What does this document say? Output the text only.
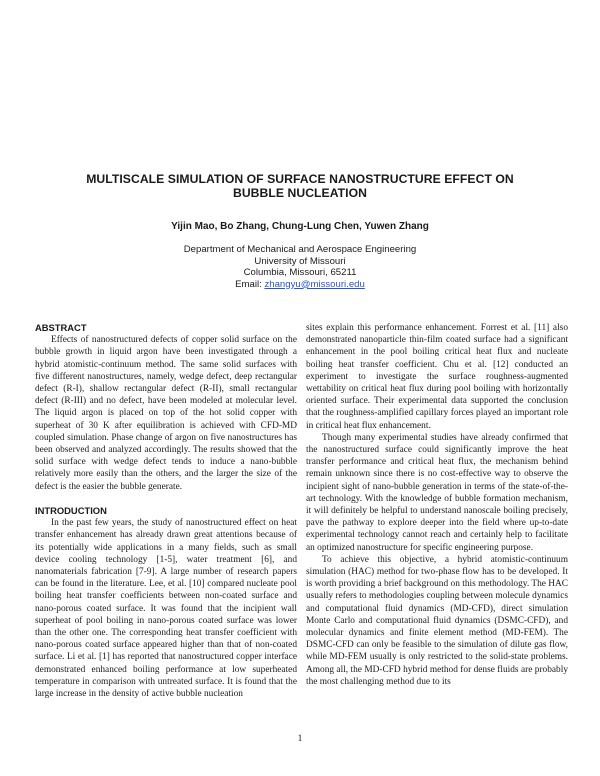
MULTISCALE SIMULATION OF SURFACE NANOSTRUCTURE EFFECT ON BUBBLE NUCLEATION
Yijin Mao, Bo Zhang, Chung-Lung Chen, Yuwen Zhang
Department of Mechanical and Aerospace Engineering
University of Missouri
Columbia, Missouri, 65211
Email: zhangyu@missouri.edu
ABSTRACT

Effects of nanostructured defects of copper solid surface on the bubble growth in liquid argon have been investigated through a hybrid atomistic-continuum method. The same solid surfaces with five different nanostructures, namely, wedge defect, deep rectangular defect (R-I), shallow rectangular defect (R-II), small rectangular defect (R-III) and no defect, have been modeled at molecular level. The liquid argon is placed on top of the hot solid copper with superheat of 30 K after equilibration is achieved with CFD-MD coupled simulation. Phase change of argon on five nanostructures has been observed and analyzed accordingly. The results showed that the solid surface with wedge defect tends to induce a nano-bubble relatively more easily than the others, and the larger the size of the defect is the easier the bubble generate.

INTRODUCTION

In the past few years, the study of nanostructured effect on heat transfer enhancement has already drawn great attentions because of its potentially wide applications in a many fields, such as small device cooling technology [1-5], water treatment [6], and nanomaterials fabrication [7-9]. A large number of research papers can be found in the literature. Lee, et al. [10] compared nucleate pool boiling heat transfer coefficients between non-coated surface and nano-porous coated surface. It was found that the incipient wall superheat of pool boiling in nano-porous coated surface was lower than the other one. The corresponding heat transfer coefficient with nano-porous coated surface appeared higher than that of non-coated surface. Li et al. [1] has reported that nanostructured copper interface demonstrated enhanced boiling performance at low superheated temperature in comparison with untreated surface. It is found that the large increase in the density of active bubble nucleation

sites explain this performance enhancement. Forrest et al. [11] also demonstrated nanoparticle thin-film coated surface had a significant enhancement in the pool boiling critical heat flux and nucleate boiling heat transfer coefficient. Chu et al. [12] conducted an experiment to investigate the surface roughness-augmented wettability on critical heat flux during pool boiling with horizontally oriented surface. Their experimental data supported the conclusion that the roughness-amplified capillary forces played an important role in critical heat flux enhancement.

Though many experimental studies have already confirmed that the nanostructured surface could significantly improve the heat transfer performance and critical heat flux, the mechanism behind remain unknown since there is no cost-effective way to observe the incipient sight of nano-bubble generation in terms of the state-of-the-art technology. With the knowledge of bubble formation mechanism, it will definitely be helpful to understand nanoscale boiling precisely, pave the pathway to explore deeper into the field where up-to-date experimental technology cannot reach and certainly help to facilitate an optimized nanostructure for specific engineering purpose.

To achieve this objective, a hybrid atomistic-continuum simulation (HAC) method for two-phase flow has to be developed. It is worth providing a brief background on this methodology. The HAC usually refers to methodologies coupling between molecule dynamics and computational fluid dynamics (MD-CFD), direct simulation Monte Carlo and computational fluid dynamics (DSMC-CFD), and molecular dynamics and finite element method (MD-FEM). The DSMC-CFD can only be feasible to the simulation of dilute gas flow, while MD-FEM usually is only restricted to the solid-state problems. Among all, the MD-CFD hybrid method for dense fluids are probably the most challenging method due to its

1
